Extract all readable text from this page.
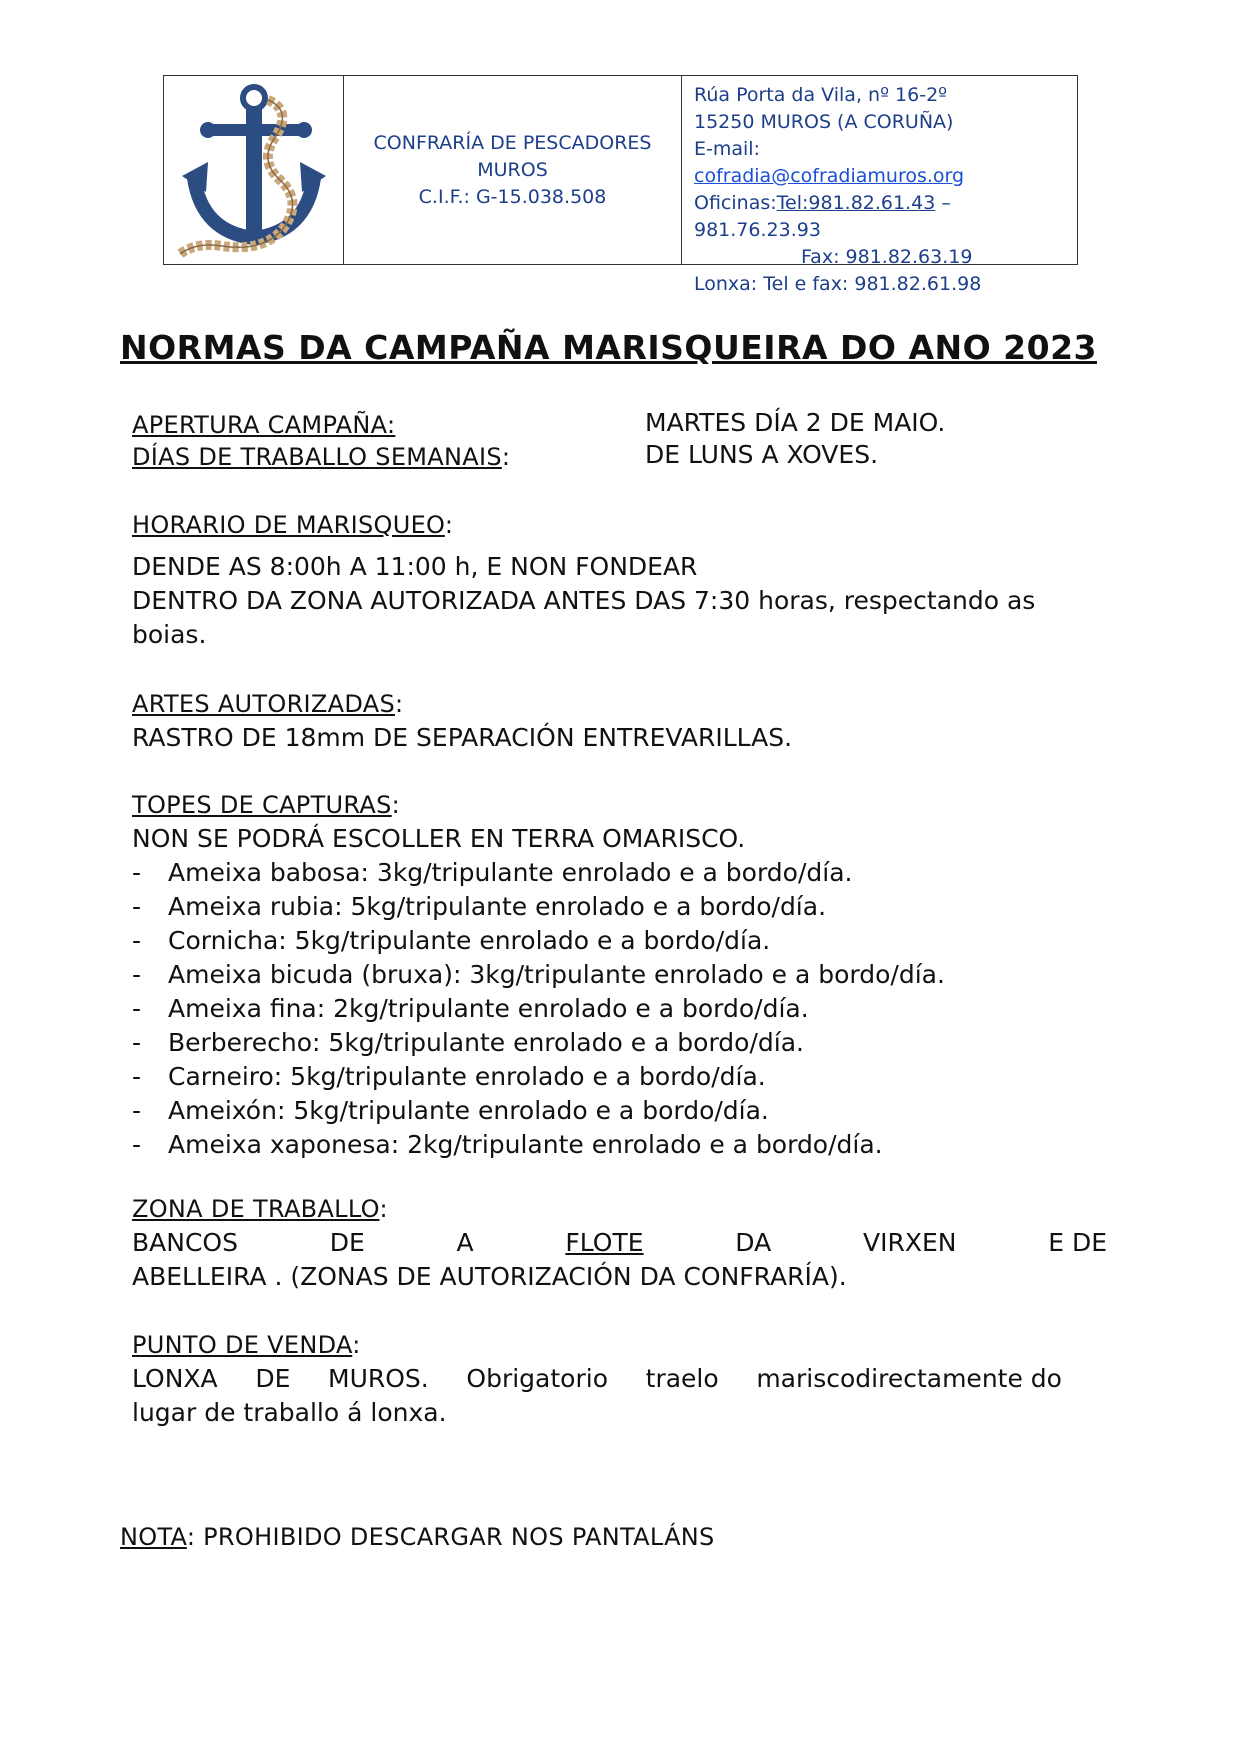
CONFRARÍA DE PESCADORES
MUROS
C.I.F.: G-15.038.508
Rúa Porta da Vila, nº 16-2º
15250 MUROS (A CORUÑA)
E-mail:
cofradia@cofradiamuros.org
Oficinas:Tel:981.82.61.43 – 981.76.23.93
Fax: 981.82.63.19
Lonxa: Tel e fax: 981.82.61.98
NORMAS DA CAMPAÑA MARISQUEIRA DO ANO 2023
APERTURA CAMPAÑA:	MARTES DÍA 2 DE MAIO.
DÍAS DE TRABALLO SEMANAIS:	DE LUNS A XOVES.
HORARIO DE MARISQUEO:
DENDE AS 8:00h A 11:00 h, E NON FONDEAR
DENTRO DA ZONA AUTORIZADA ANTES DAS 7:30 horas, respectando as
boias.
ARTES AUTORIZADAS:
RASTRO DE 18mm DE SEPARACIÓN ENTREVARILLAS.
TOPES DE CAPTURAS:
NON SE PODRÁ ESCOLLER EN TERRA OMARISCO.
- Ameixa babosa: 3kg/tripulante enrolado e a bordo/día.
- Ameixa rubia: 5kg/tripulante enrolado e a bordo/día.
- Cornicha: 5kg/tripulante enrolado e a bordo/día.
- Ameixa bicuda (bruxa): 3kg/tripulante enrolado e a bordo/día.
- Ameixa fina: 2kg/tripulante enrolado e a bordo/día.
- Berberecho: 5kg/tripulante enrolado e a bordo/día.
- Carneiro: 5kg/tripulante enrolado e a bordo/día.
- Ameixón: 5kg/tripulante enrolado e a bordo/día.
- Ameixa xaponesa: 2kg/tripulante enrolado e a bordo/día.
ZONA DE TRABALLO:
BANCOS	DE	A	FLOTE	DA	VIRXEN	E DE
ABELLEIRA . (ZONAS DE AUTORIZACIÓN DA CONFRARÍA).
PUNTO DE VENDA:
LONXA DE MUROS. Obrigatorio traelo mariscodirectamente do
lugar de traballo á lonxa.
NOTA: PROHIBIDO DESCARGAR NOS PANTALÁNS
